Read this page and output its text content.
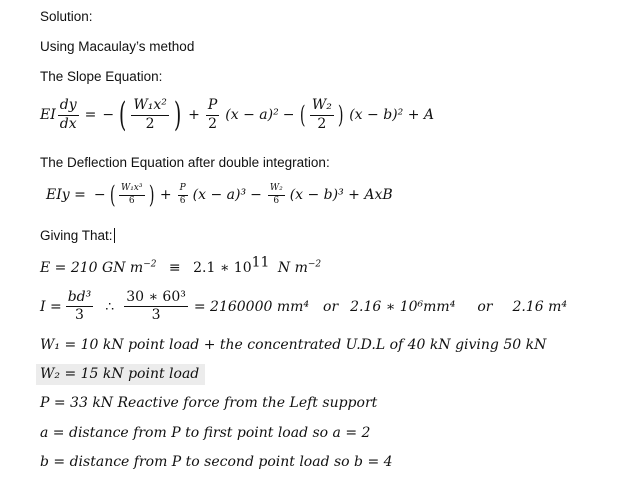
Solution:
Using Macaulay’s method
The Slope Equation:
EI $\frac{dy}{dx}$ = − ( $\frac{\text{W₁x²}}{2}$ ) + $\frac{P}{2} (x - a)^2$ − ( $\frac{\text{W₂}}{2}$ ) (x − b)² + A
The Deflection Equation after double integration:
EIy = − ( $\frac{\text{W₁x³}}{6}$ ) + $\frac{P}{6} (x - a)^3 - \frac{\text{W₂}}{6} (x - b)^3$ + AxB
Giving That:
E = 210 GN $m^{-2} \equiv 2.1$ ∗ $10^{11}$ N $m^{-2}$
$I = \frac{\text{bd³}}{3}$ ∴ $\frac{\text{30 ∗ 60³}}{3} = 2160000$ mm⁴ or 2.16 ∗ 10⁶mm⁴ or 2.16 m⁴
W₁ = 10 kN point load + the concentrated U.D.L of 40 kN giving 50 kN
W₂ = 15 kN point load
P = 33 kN Reactive force from the Left support
a = distance from P to first point load so a = 2
b = distance from P to second point load so b = 4
